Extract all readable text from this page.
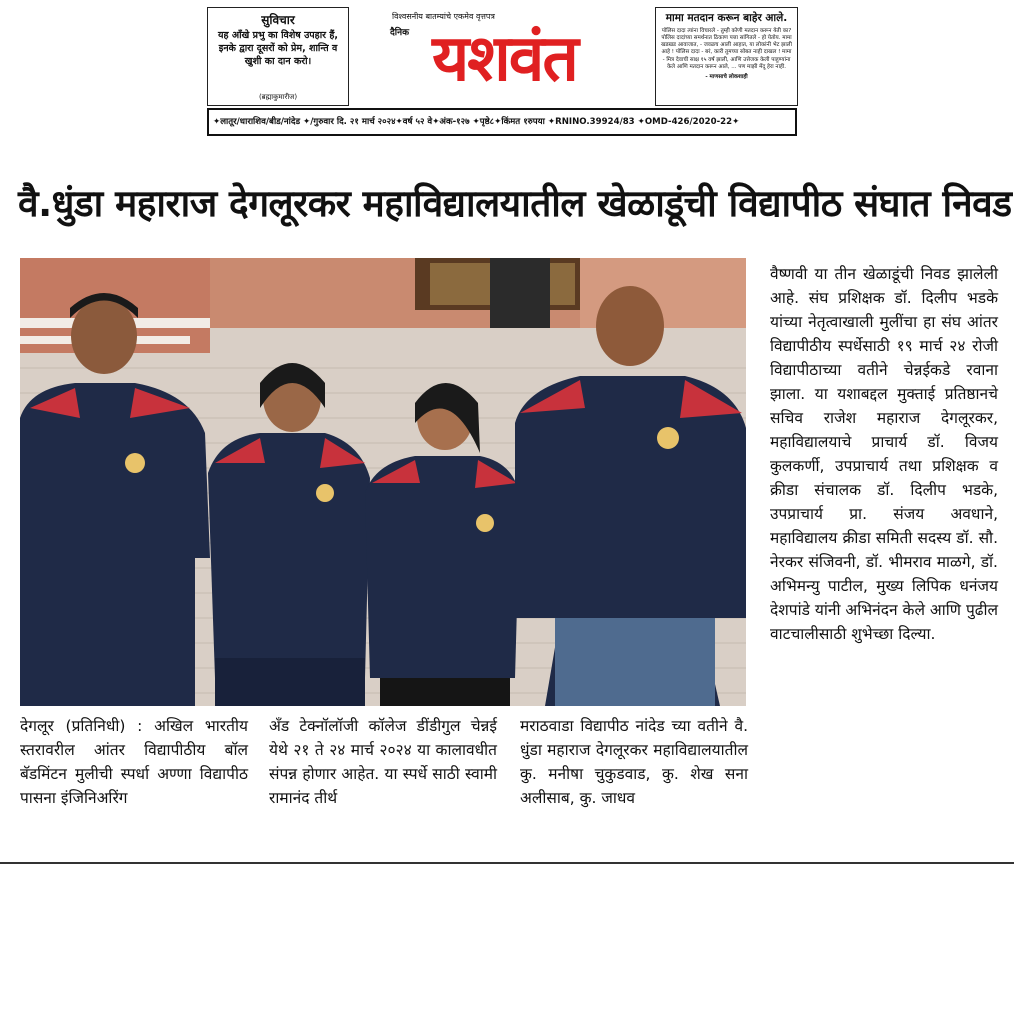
सुविचार
यह आँखे प्रभु का विशेष उपहार हैं, इनके द्वारा दूसरों को प्रेम, शान्ति व खुशी का दान करो।
(ब्रह्माकुमारीज)
विश्वसनीय बातम्यांचे एकमेव वृत्तपत्र
दैनिक यशवंत
मामा मतदान करून बाहेर आले.
पोलिस दादा त्यांना विचारले - तुम्ही कोणी मतदान करून येती का? पोलिस दादांच्या समर्थनात ठिकाण पत्ता सांगितले - हो येतोय. मामा खडखड आवाजात, - जवळच आली आहात, या लोकांनी भेट झाली आहे ! पोलिस दादा - बरं, कारी तुमच्या सोबत नाही दाखल ! मामा - मित्र देवाची साक्ष १५ वर्षं झाली, आणि उत्तेजक केली पाहुण्यांना केले आणि मतदान करून आले, ... पण माझी मेंदू हेरा नाही.
- माणसाचे लोकशाही
✦लातूर/धाराशिव/बीड/नांदेड ✦/गुरुवार दि. २१ मार्च २०२४✦वर्ष ५२ वे✦अंक-१२७ ✦पृष्ठे८✦किंमत १रुपया ✦RNINO.39924/83 ✦OMD-426/2020-22✦
वै.धुंडा महाराज देगलूरकर महाविद्यालयातील खेळाडूंची विद्यापीठ संघात निवड

वैष्णवी या तीन खेळाडूंची निवड झालेली आहे. संघ प्रशिक्षक डॉ. दिलीप भडके यांच्या नेतृत्वाखाली मुलींचा हा संघ आंतर विद्यापीठीय स्पर्धेसाठी १९ मार्च २४ रोजी विद्यापीठाच्या वतीने चेन्नईकडे रवाना झाला. या यशाबद्दल मुक्ताई प्रतिष्ठानचे सचिव राजेश महाराज देगलूरकर, महाविद्यालयाचे प्राचार्य डॉ. विजय कुलकर्णी, उपप्राचार्य तथा प्रशिक्षक व क्रीडा संचालक डॉ. दिलीप भडके, उपप्राचार्य प्रा. संजय अवधाने, महाविद्यालय क्रीडा समिती सदस्य डॉ. सौ. नेरकर संजिवनी, डॉ. भीमराव माळगे, डॉ. अभिमन्यु पाटील, मुख्य लिपिक धनंजय देशपांडे यांनी अभिनंदन केले आणि पुढील वाटचालीसाठी शुभेच्छा दिल्या.

देगलूर (प्रतिनिधी) : अखिल भारतीय स्तरावरील आंतर विद्यापीठीय बॉल बॅडमिंटन मुलीची स्पर्धा अण्णा विद्यापीठ पासना इंजिनिअरिंग

अँड टेक्नॉलॉजी कॉलेज डींडीगुल चेन्नई येथे २१ ते २४ मार्च २०२४ या कालावधीत संपन्न होणार आहेत. या स्पर्धे साठी स्वामी रामानंद तीर्थ

मराठवाडा विद्यापीठ नांदेड च्या वतीने वै. धुंडा महाराज देगलूरकर महाविद्यालयातील कु. मनीषा चुकुडवाड, कु. शेख सना अलीसाब, कु. जाधव
